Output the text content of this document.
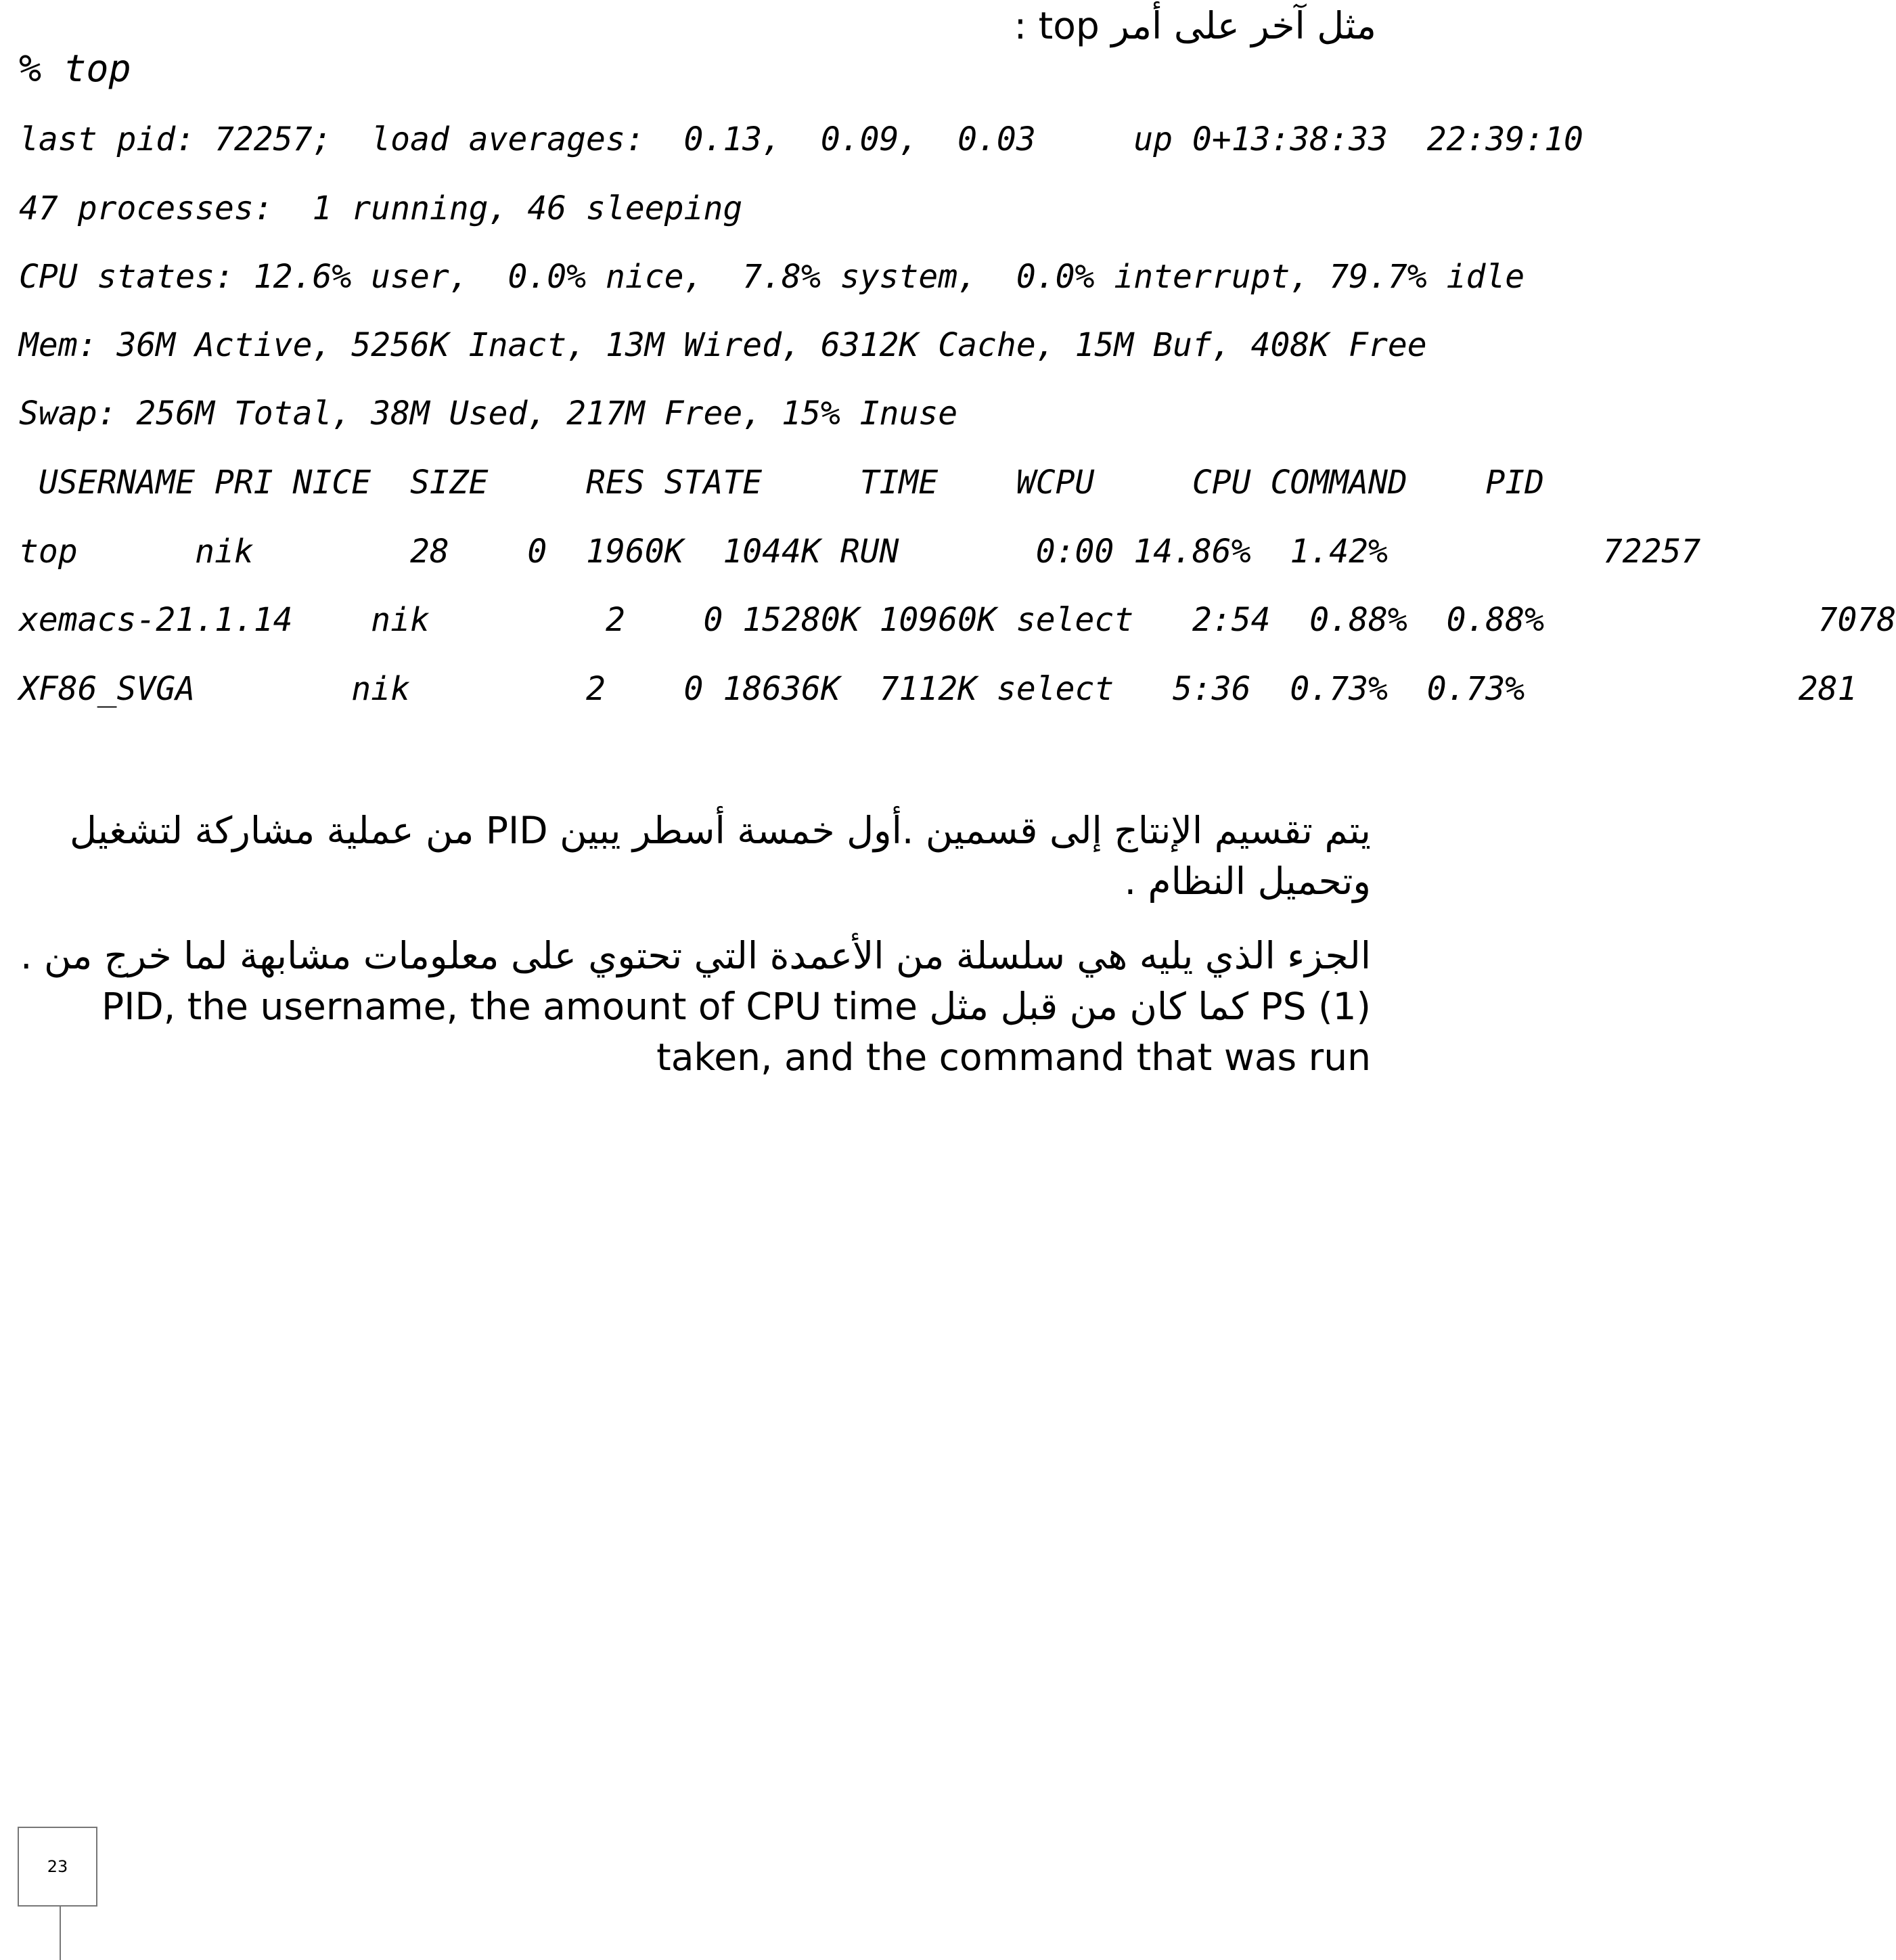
مثل آخر على أمر top :
% top
last pid: 72257;  load averages:  0.13,  0.09,  0.03     up 0+13:38:33  22:39:10
47 processes:  1 running, 46 sleeping
CPU states: 12.6% user,  0.0% nice,  7.8% system,  0.0% interrupt, 79.7% idle
Mem: 36M Active, 5256K Inact, 13M Wired, 6312K Cache, 15M Buf, 408K Free
Swap: 256M Total, 38M Used, 217M Free, 15% Inuse
USERNAME PRI NICE  SIZE     RES STATE     TIME    WCPU     CPU COMMAND    PID
top      nik        28    0  1960K  1044K RUN       0:00 14.86%  1.42%           72257
xemacs-21.1.14    nik         2    0 15280K 10960K select   2:54  0.88%  0.88%              7078
XF86_SVGA        nik         2    0 18636K  7112K select   5:36  0.73%  0.73%              281

يتم تقسيم الإنتاج إلى قسمين .أول خمسة أسطر يبين PID من عملية مشاركة لتشغيل وتحميل النظام .

الجزء الذي يليه هي سلسلة من الأعمدة التي تحتوي على معلومات مشابهة لما خرج من .(PS (1 كما كان من قبل مثل PID, the username, the amount of CPU time taken, and the command that was run

23
